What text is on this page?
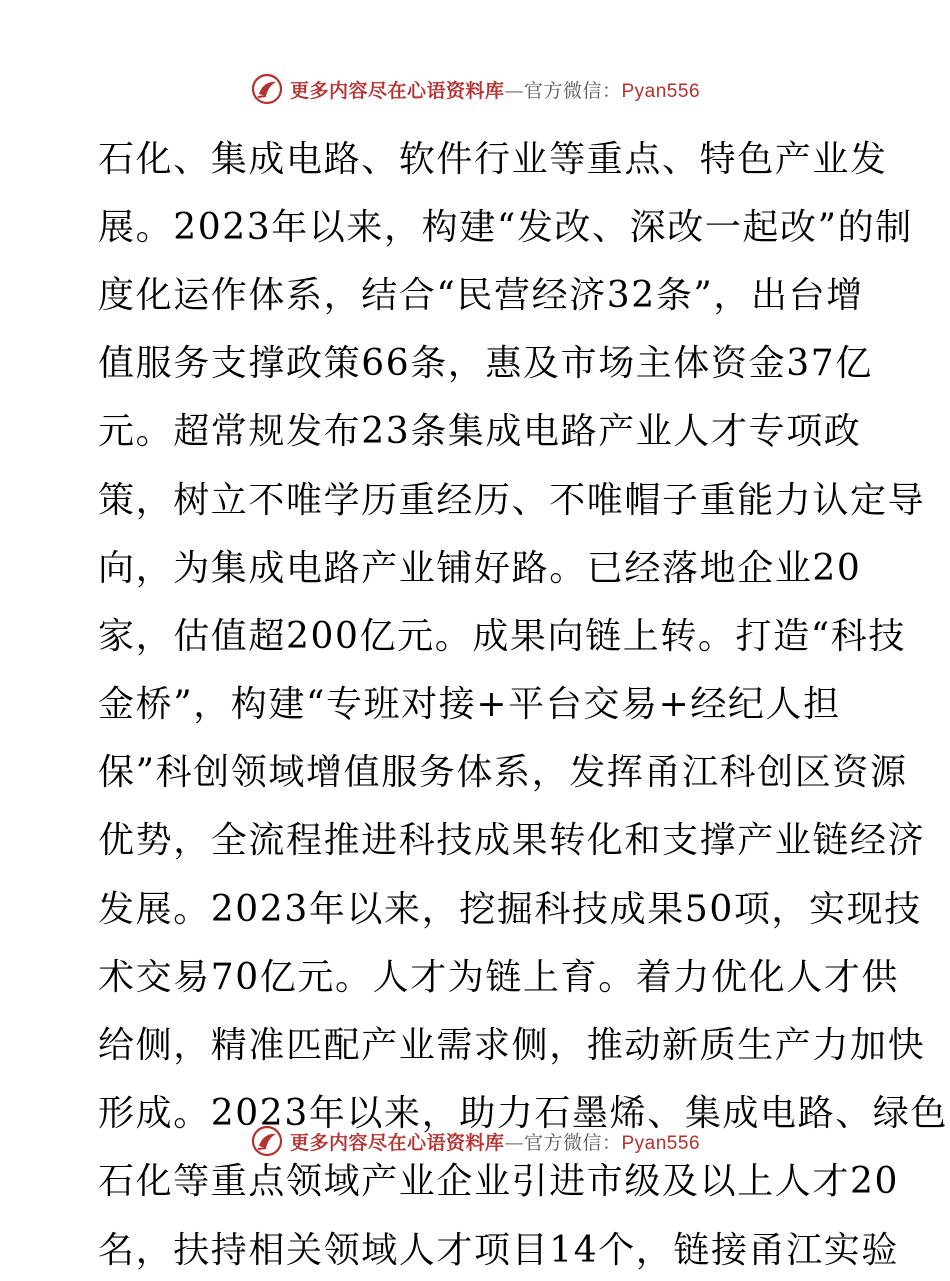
更多内容尽在心语资料库—官方微信：Pyan556
石化、集成电路、软件行业等重点、特色产业发
展。2023年以来，构建“发改、深改一起改”的制
度化运作体系，结合“民营经济32条”，出台增
值服务支撑政策66条，惠及市场主体资金37亿
元。超常规发布23条集成电路产业人才专项政
策，树立不唯学历重经历、不唯帽子重能力认定导
向，为集成电路产业铺好路。已经落地企业20
家，估值超200亿元。成果向链上转。打造“科技
金桥”，构建“专班对接+平台交易+经纪人担
保”科创领域增值服务体系，发挥甬江科创区资源
优势，全流程推进科技成果转化和支撑产业链经济
发展。2023年以来，挖掘科技成果50项，实现技
术交易70亿元。人才为链上育。着力优化人才供
给侧，精准匹配产业需求侧，推动新质生产力加快
形成。2023年以来，助力石墨烯、集成电路、绿色
石化等重点领域产业企业引进市级及以上人才20
名，扶持相关领域人才项目14个，链接甬江实验
更多内容尽在心语资料库—官方微信：Pyan556
